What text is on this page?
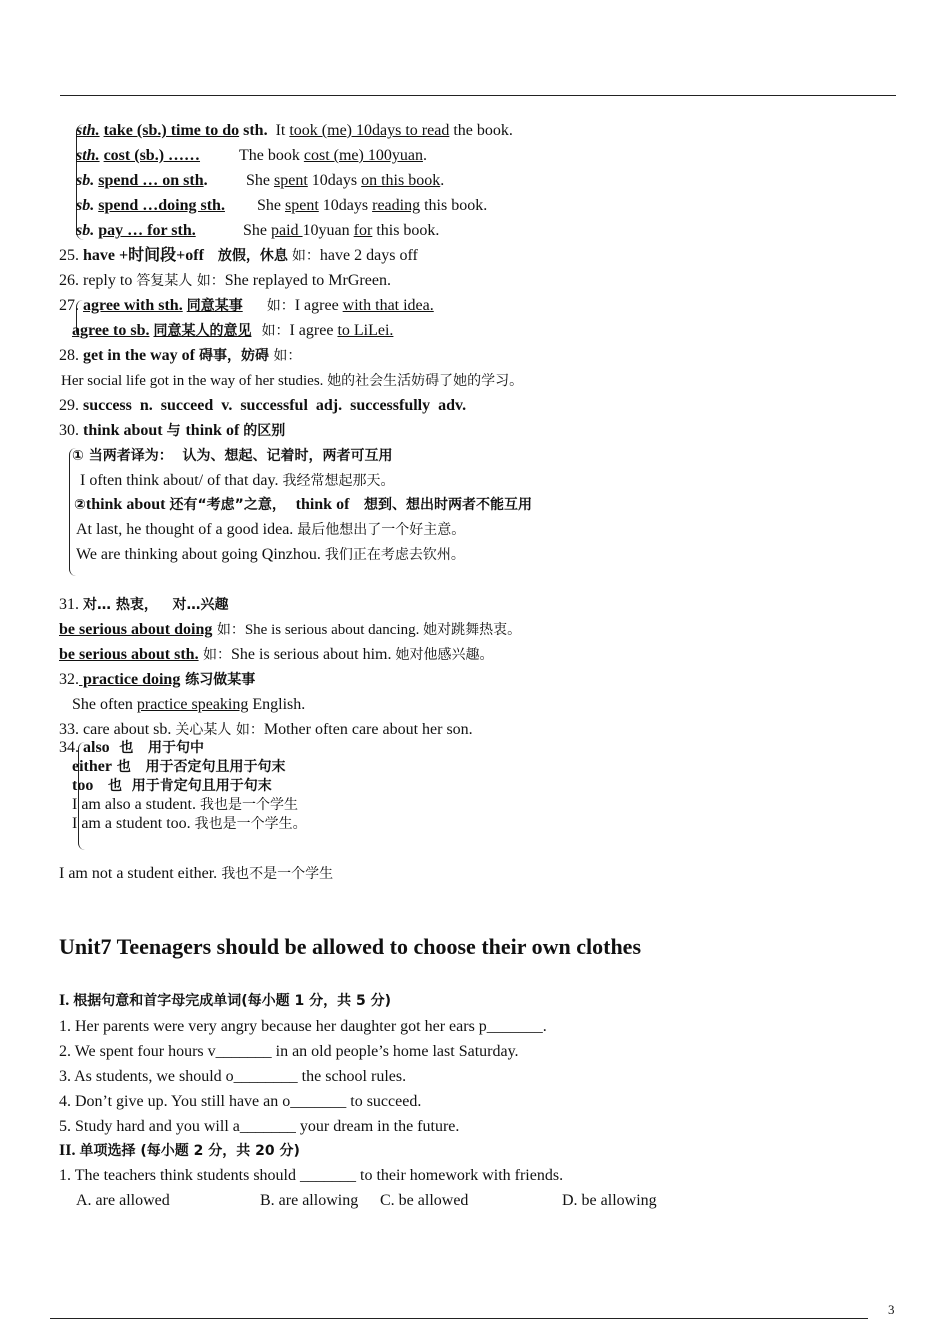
sth. take (sb.) time to do sth. It took (me) 10days to read the book.
sth. cost (sb.) …… The book cost (me) 100yuan.
sb. spend … on sth. She spent 10days on this book.
sb. spend …doing sth. She spent 10days reading this book.
sb. pay … for sth.	She paid 10yuan for this book.
25. have +时间段+off 放假，休息 如：have 2 days off
26. reply to 答复某人 如：She replayed to MrGreen.
27. agree with sth. 同意某事 如：I agree with that idea.
agree to sb. 同意某人的意见 如：I agree to LiLei.
28. get in the way of 碍事，妨碍 如：
Her social life got in the way of her studies. 她的社会生活妨碍了她的学习。
29. success  n.  succeed  v.  successful  adj.  successfully  adv.
30. think about 与 think of 的区别
① 当两者译为：  认为、想起、记着时，两者可互用
I often think about/ of that day. 我经常想起那天。
②think about 还有“考虑”之意，  think of   想到、想出时两者不能互用
At last, he thought of a good idea. 最后他想出了一个好主意。
We are thinking about going Qinzhou. 我们正在考虑去钦州。
31. 对… 热衷，   对…兴趣
be serious about doing 如：She is serious about dancing. 她对跳舞热衷。
be serious about sth. 如：She is serious about him. 她对他感兴趣。
32. practice doing 练习做某事
She often practice speaking English.
33. care about sb. 关心某人 如：Mother often care about her son.
34. also  也   用于句中
either 也   用于否定句且用于句末
too   也  用于肯定句且用于句末
I am also a student. 我也是一个学生
I am a student too. 我也是一个学生。
I am not a student either. 我也不是一个学生
Unit7 Teenagers should be allowed to choose their own clothes
I. 根据句意和首字母完成单词(每小题 1 分，共 5 分)
1. Her parents were very angry because her daughter got her ears p_______.
2. We spent four hours v_______ in an old people’s home last Saturday.
3. As students, we should o________ the school rules.
4. Don’t give up. You still have an o_______ to succeed.
5. Study hard and you will a_______ your dream in the future.
II. 单项选择 (每小题 2 分，共 20 分)
1. The teachers think students should _______ to their homework with friends.
A. are allowed	B. are allowing C. be allowed	D. be allowing
3
